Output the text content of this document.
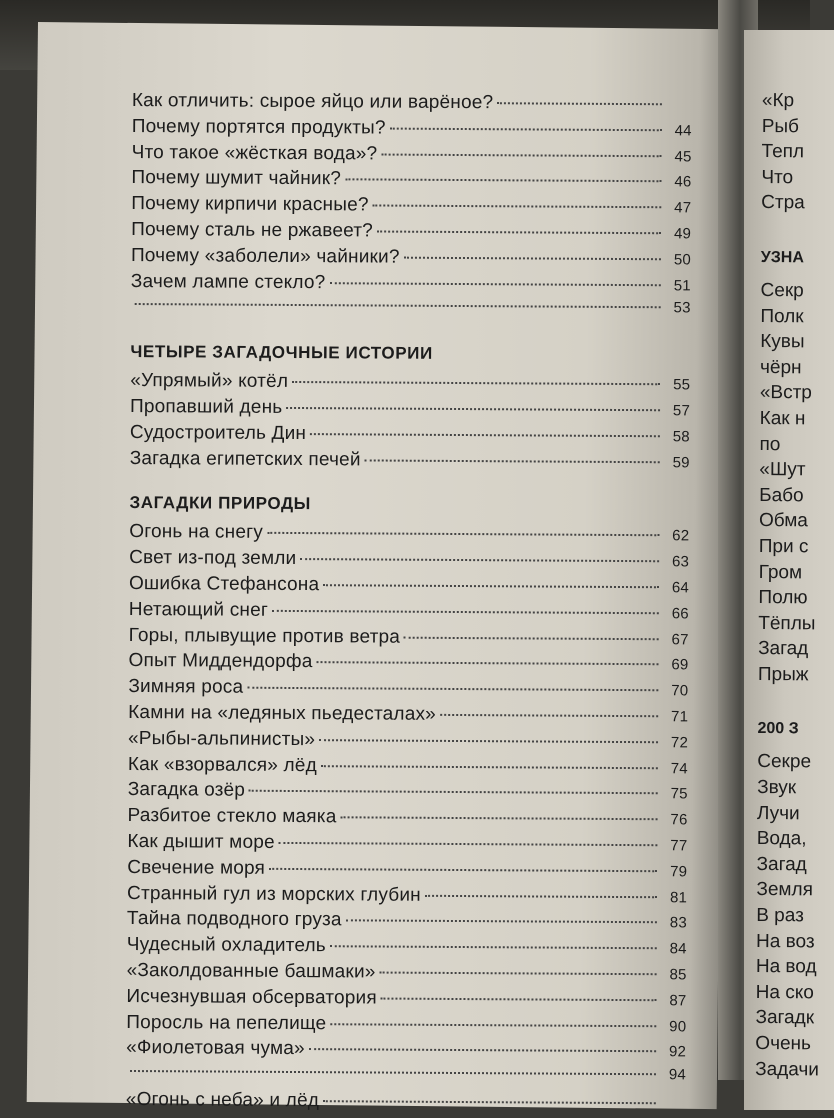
Как отличить: сырое яйцо или варёное?
Почему портятся продукты?	44
Что такое «жёсткая вода»?	45
Почему шумит чайник?	46
Почему кирпичи красные?	47
Почему сталь не ржавеет?	49
Почему «заболели» чайники?	50
Зачем лампе стекло?	51
53
ЧЕТЫРЕ ЗАГАДОЧНЫЕ ИСТОРИИ
«Упрямый» котёл	55
Пропавший день	57
Судостроитель Дин	58
Загадка египетских печей	59
ЗАГАДКИ ПРИРОДЫ
Огонь на снегу	62
Свет из-под земли	63
Ошибка Стефансона	64
Нетающий снег	66
Горы, плывущие против ветра	67
Опыт Миддендорфа	69
Зимняя роса	70
Камни на «ледяных пьедесталах»	71
«Рыбы-альпинисты»	72
Как «взорвался» лёд	74
Загадка озёр	75
Разбитое стекло маяка	76
Как дышит море	77
Свечение моря	79
Странный гул из морских глубин	81
Тайна подводного груза	83
Чудесный охладитель	84
«Заколдованные башмаки»	85
Исчезнувшая обсерватория	87
Поросль на пепелище	90
«Фиолетовая чума»	92
94
«Огонь с неба» и лёд
«Кр
Рыб
Тепл
Что
Стра
УЗНА
Секр
Полк
Кувы
чёрн
«Встр
Как н
по
«Шут
Бабо
Обма
При с
Гром
Полю
Тёплы
Загад
Прыж
200 З
Секре
Звук
Лучи
Вода,
Загад
Земля
В раз
На воз
На вод
На ско
Загадк
Очень
Задачи
